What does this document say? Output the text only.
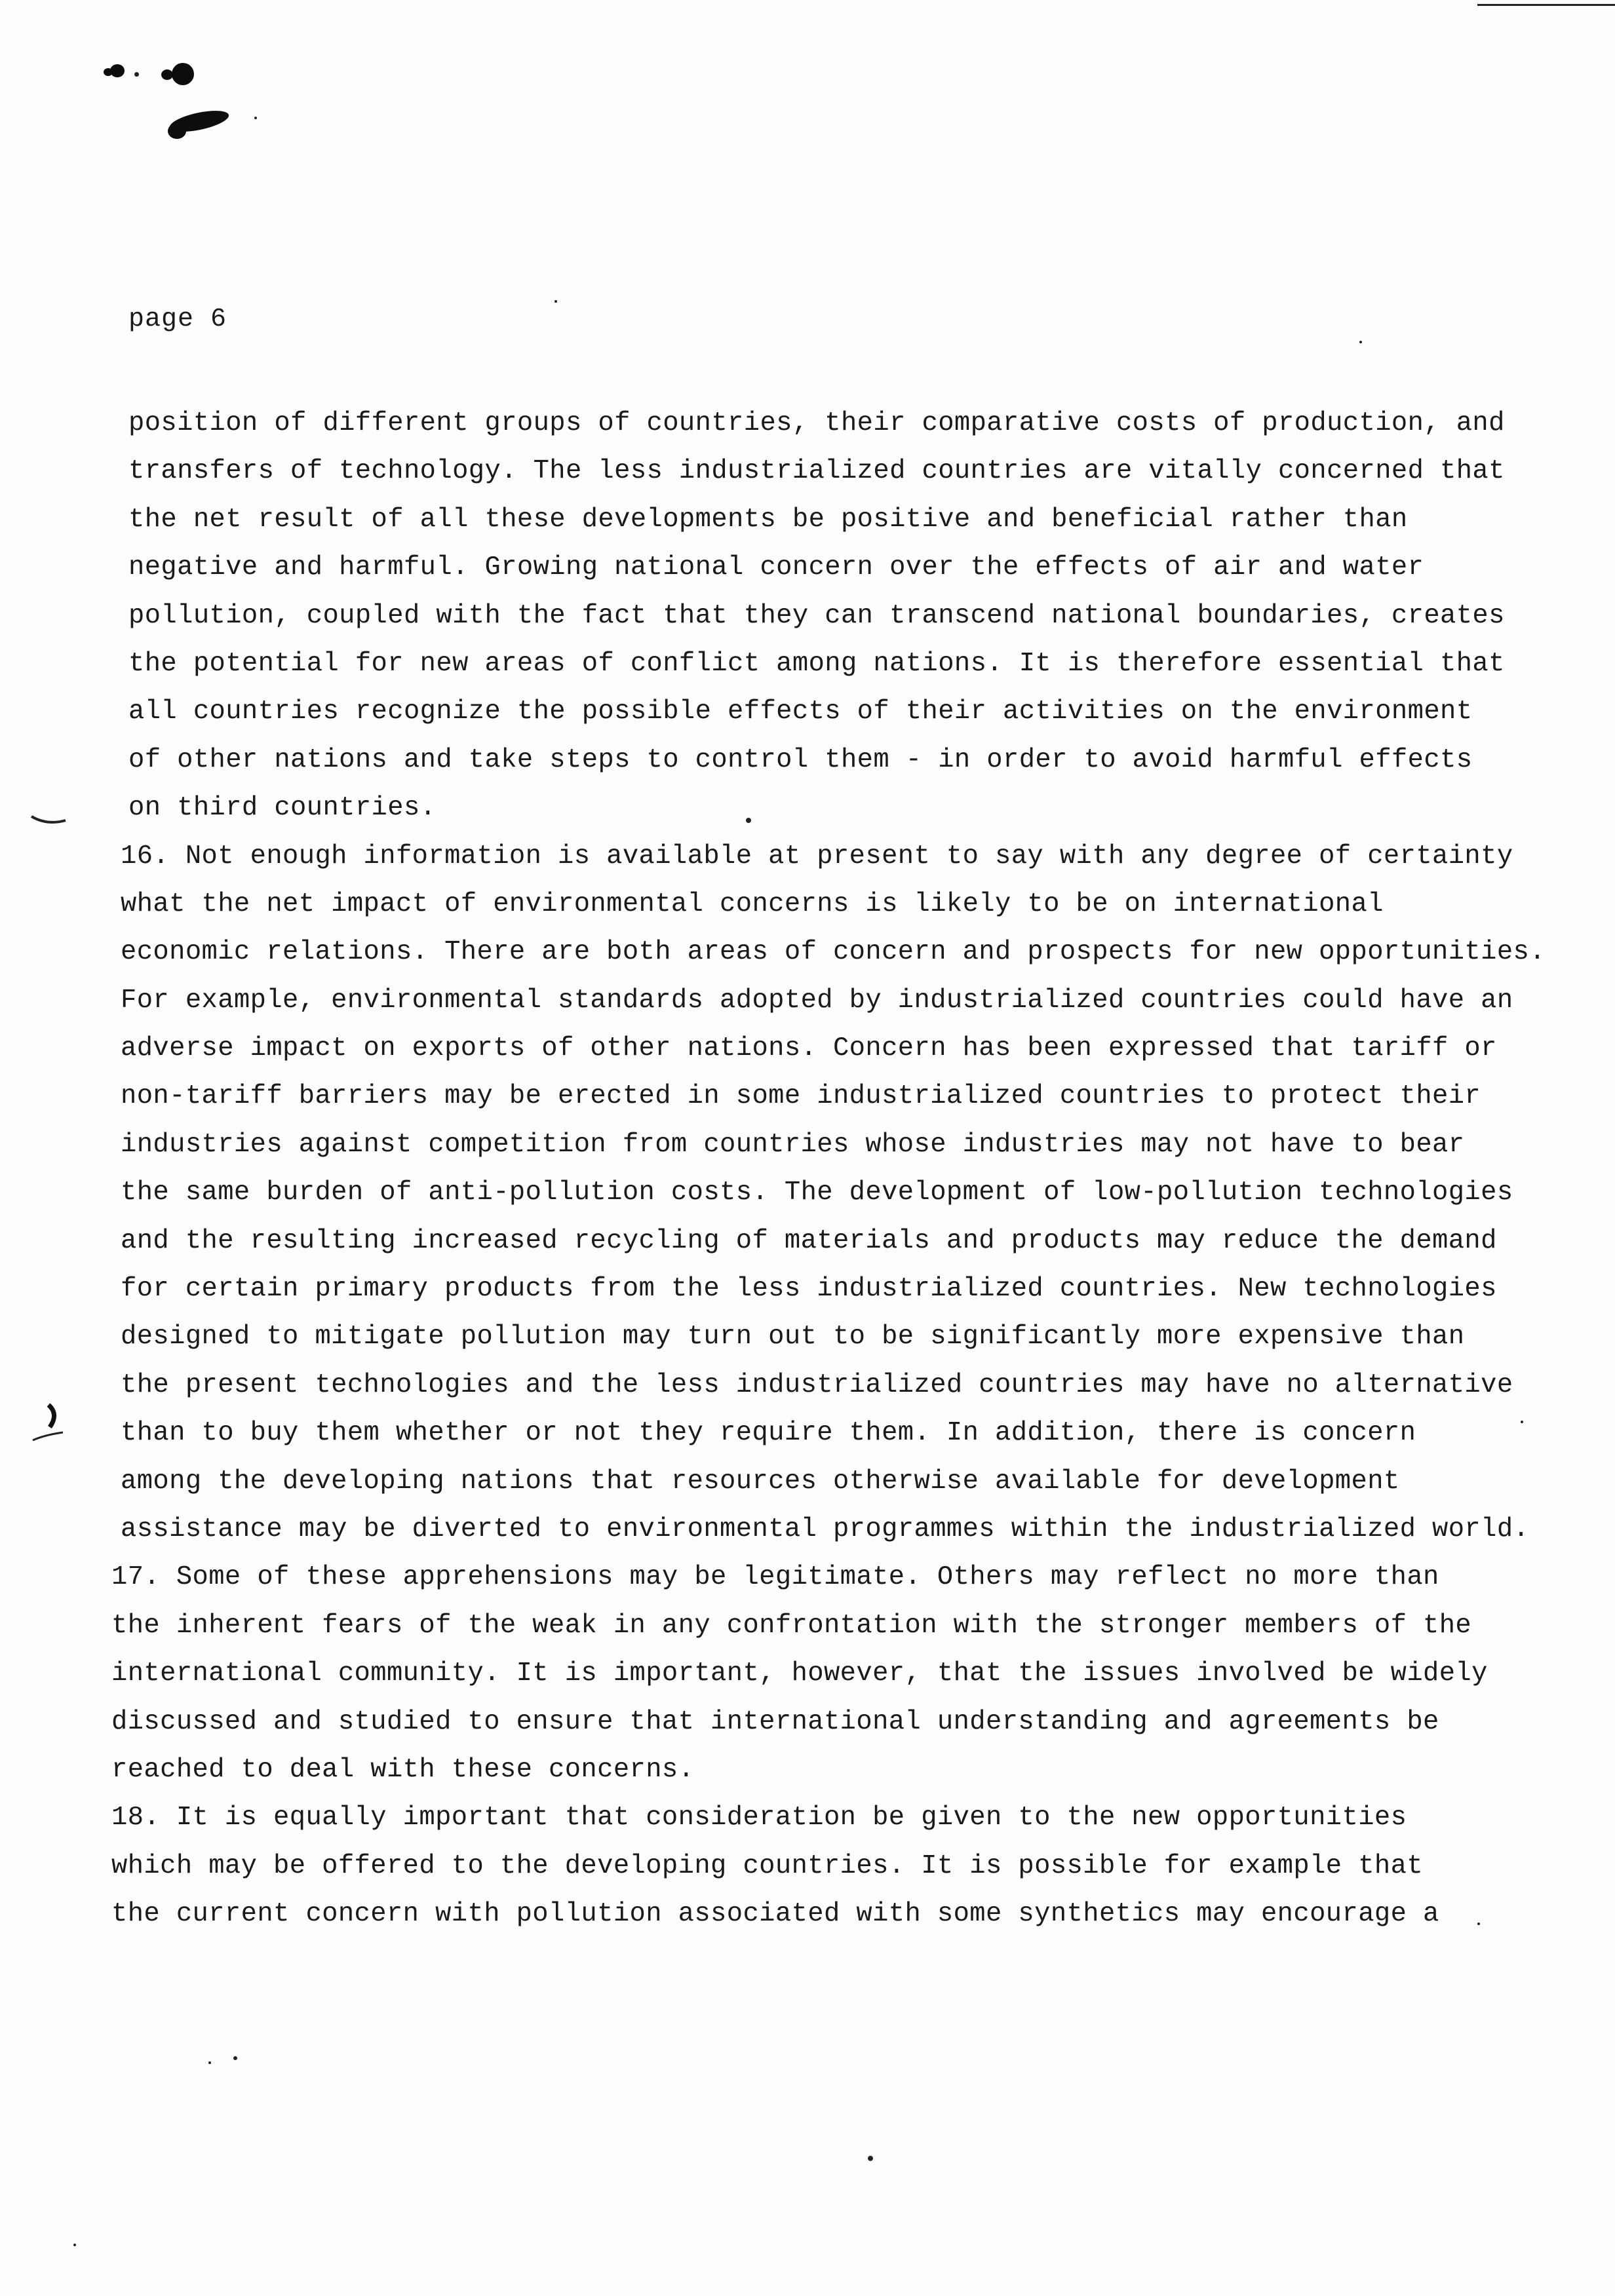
page 6
position of different groups of countries, their comparative costs of production, and
transfers of technology. The less industrialized countries are vitally concerned that
the net result of all these developments be positive and beneficial rather than
negative and harmful. Growing national concern over the effects of air and water
pollution, coupled with the fact that they can transcend national boundaries, creates
the potential for new areas of conflict among nations. It is therefore essential that
all countries recognize the possible effects of their activities on the environment
of other nations and take steps to control them - in order to avoid harmful effects
on third countries.
16. Not enough information is available at present to say with any degree of certainty
what the net impact of environmental concerns is likely to be on international
economic relations. There are both areas of concern and prospects for new opportunities.
For example, environmental standards adopted by industrialized countries could have an
adverse impact on exports of other nations. Concern has been expressed that tariff or
non-tariff barriers may be erected in some industrialized countries to protect their
industries against competition from countries whose industries may not have to bear
the same burden of anti-pollution costs. The development of low-pollution technologies
and the resulting increased recycling of materials and products may reduce the demand
for certain primary products from the less industrialized countries. New technologies
designed to mitigate pollution may turn out to be significantly more expensive than
the present technologies and the less industrialized countries may have no alternative
than to buy them whether or not they require them. In addition, there is concern
among the developing nations that resources otherwise available for development
assistance may be diverted to environmental programmes within the industrialized world.
17. Some of these apprehensions may be legitimate. Others may reflect no more than
the inherent fears of the weak in any confrontation with the stronger members of the
international community. It is important, however, that the issues involved be widely
discussed and studied to ensure that international understanding and agreements be
reached to deal with these concerns.
18. It is equally important that consideration be given to the new opportunities
which may be offered to the developing countries. It is possible for example that
the current concern with pollution associated with some synthetics may encourage a
